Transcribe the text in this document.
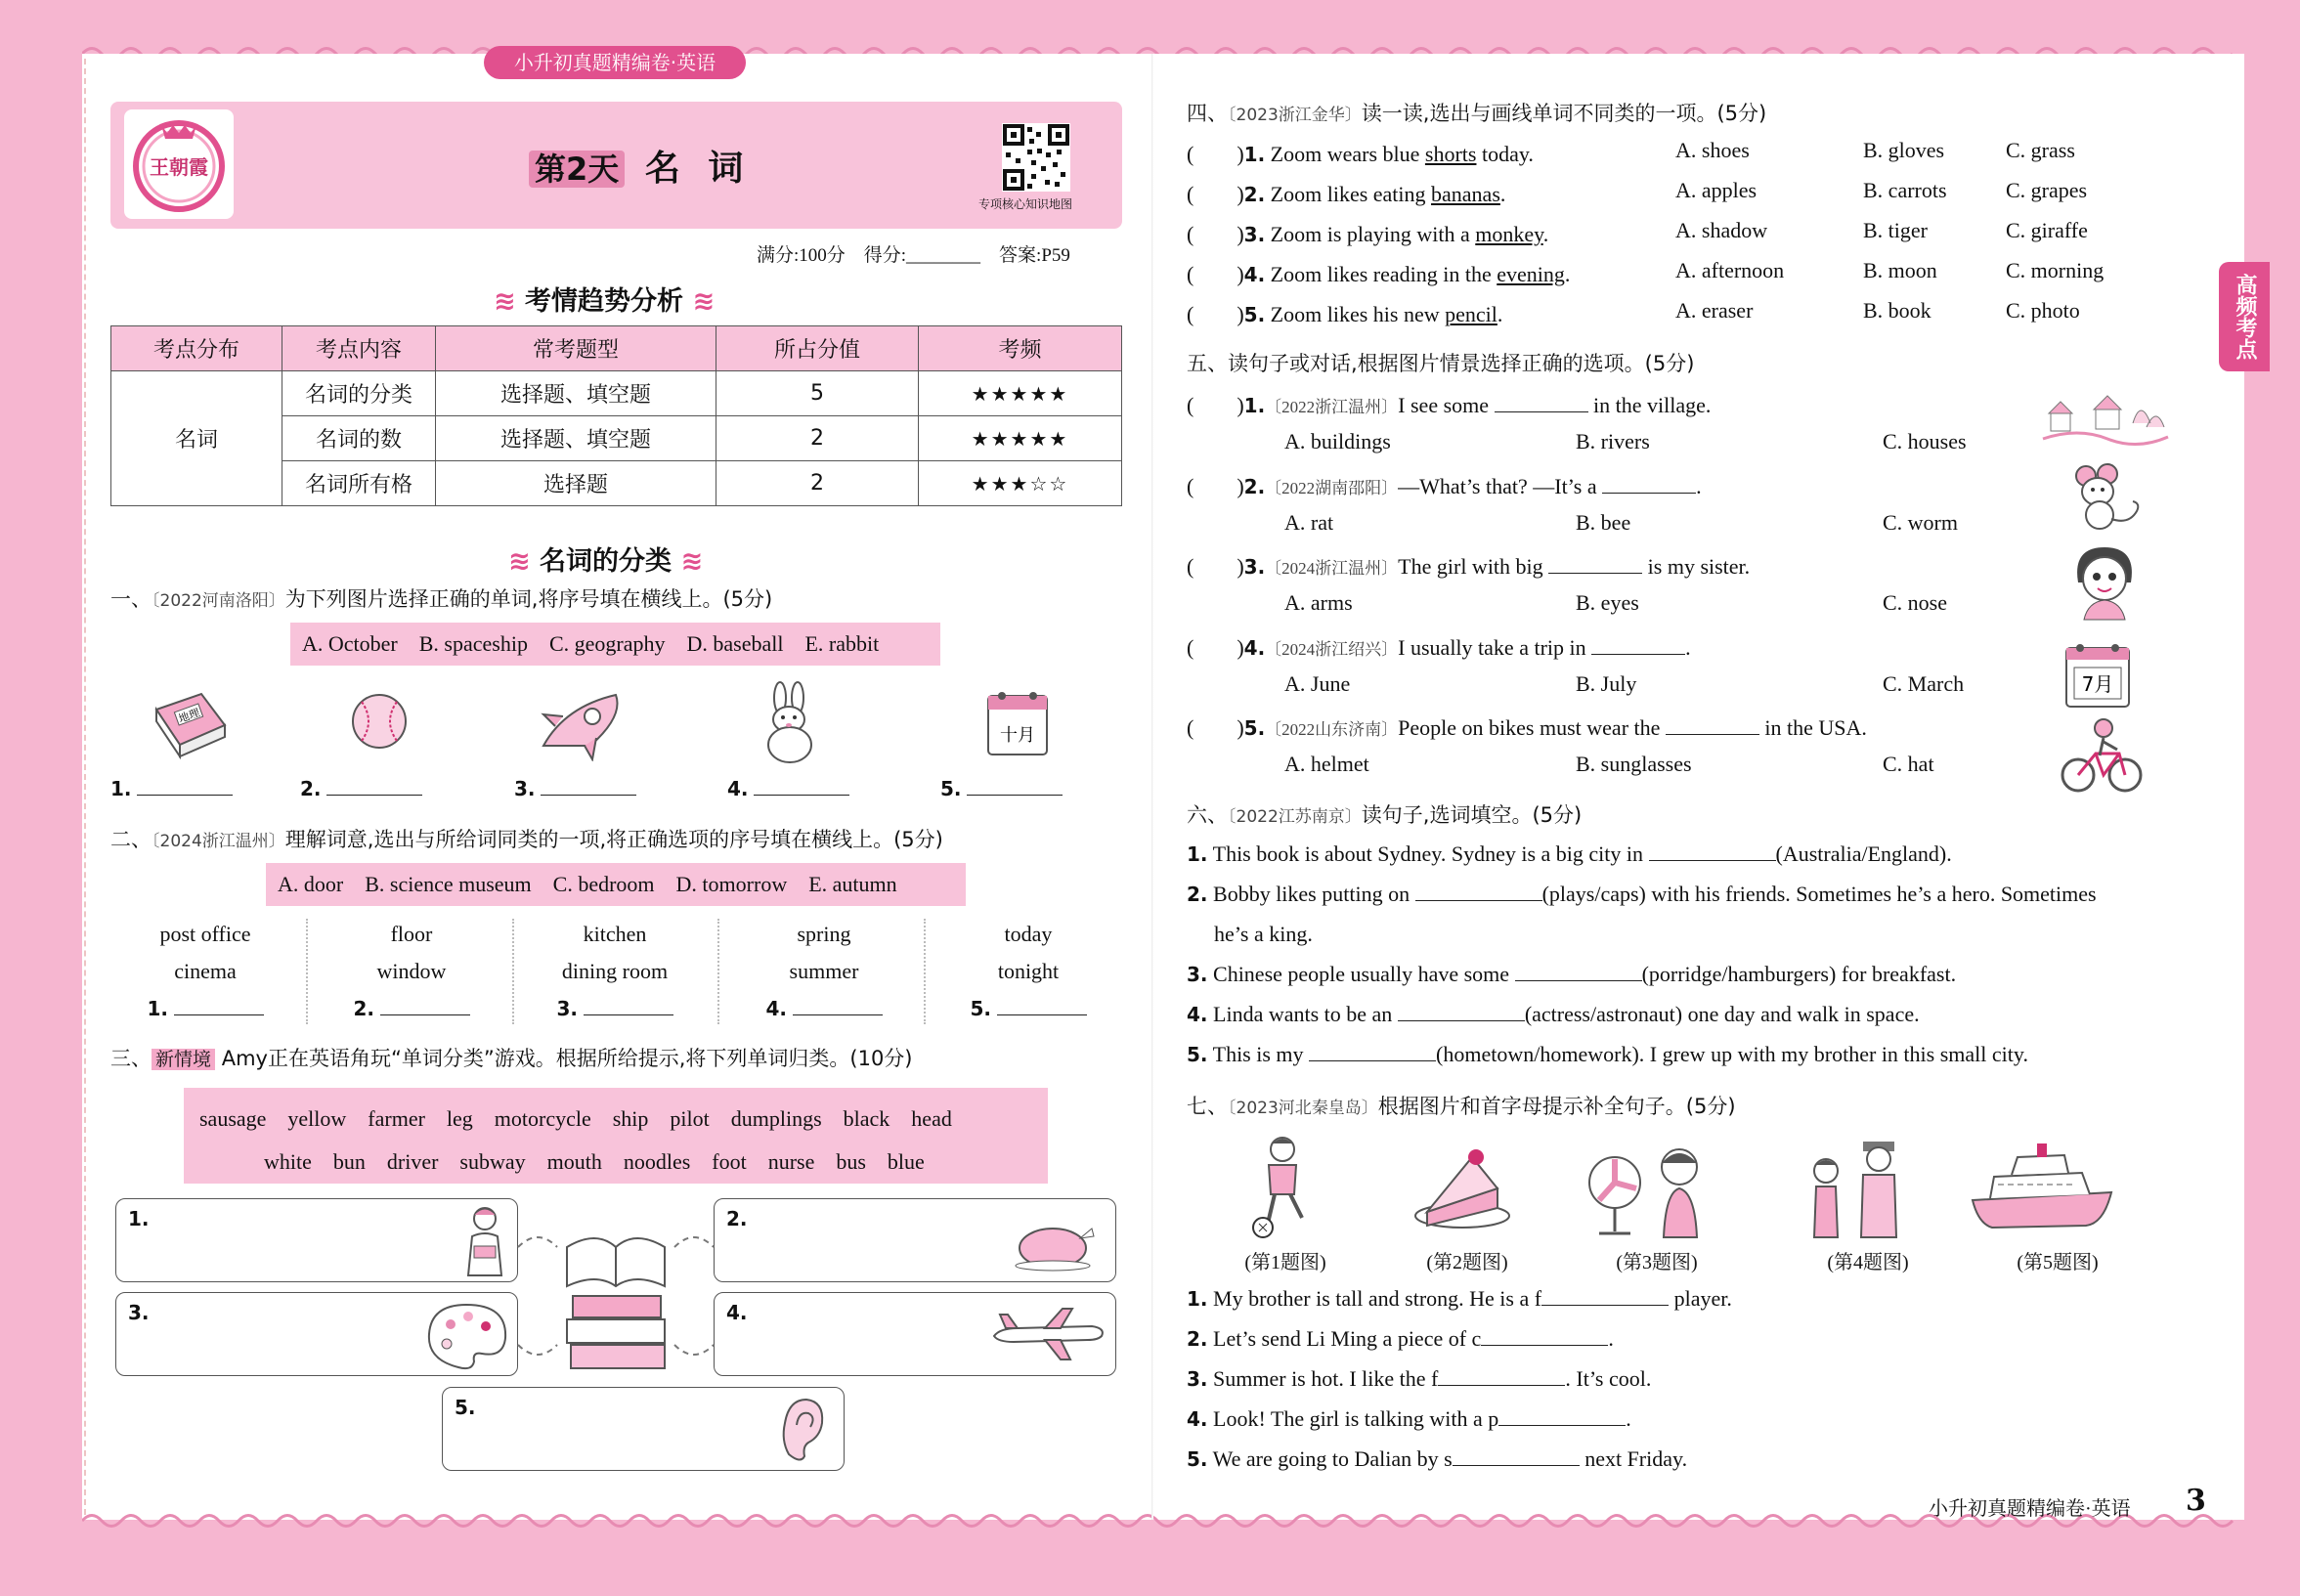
小升初真题精编卷·英语
王朝霞	第2天 名 词
专项核心知识地图
满分:100分　得分:________　答案:P59
≋ 考情趋势分析 ≋
考点分布	考点内容	常考题型	所占分值	考频
名词	名词的分类	选择题、填空题	5	★★★★★
	名词的数	选择题、填空题	2	★★★★★
	名词所有格	选择题	2	★★★☆☆
≋ 名词的分类 ≋
一、〔2022河南洛阳〕为下列图片选择正确的单词,将序号填在横线上。(5分)
A. October　B. spaceship　C. geography　D. baseball　E. rabbit
地理
十月
1.	2.	3.	4.	5.
二、〔2024浙江温州〕理解词意,选出与所给词同类的一项,将正确选项的序号填在横线上。(5分)
A. door　B. science museum　C. bedroom　D. tomorrow　E. autumn
post office
cinema
1.
floor
window
2.
kitchen
dining room
3.
spring
summer
4.
today
tonight
5.
三、 新情境 Amy正在英语角玩“单词分类”游戏。根据所给提示,将下列单词归类。(10分)
sausage　yellow　farmer　leg　motorcycle　ship　pilot　dumplings　black　head
white　bun　driver　subway　mouth　noodles　foot　nurse　bus　blue
1.	2.
3.	4.
5.
四、〔2023浙江金华〕读一读,选出与画线单词不同类的一项。(5分)
(　　)1. Zoom wears blue shorts today.	A. shoes	B. gloves	C. grass
(　　)2. Zoom likes eating bananas.	A. apples	B. carrots	C. grapes
(　　)3. Zoom is playing with a monkey.	A. shadow	B. tiger	C. giraffe
(　　)4. Zoom likes reading in the evening.	A. afternoon	B. moon	C. morning
(　　)5. Zoom likes his new pencil.	A. eraser	B. book	C. photo
五、读句子或对话,根据图片情景选择正确的选项。(5分)
(　　)1.〔2022浙江温州〕I see some	in the village.
A. buildings	B. rivers	C. houses
(　　)2.〔2022湖南邵阳〕—What’s that? —It’s a	.
A. rat	B. bee	C. worm
(　　)3.〔2024浙江温州〕The girl with big	is my sister.
A. arms	B. eyes	C. nose
(　　)4.〔2024浙江绍兴〕I usually take a trip in	.
A. June	B. July	C. March
(　　)5.〔2022山东济南〕People on bikes must wear the	in the USA.
A. helmet	B. sunglasses	C. hat
7月
六、〔2022江苏南京〕读句子,选词填空。(5分)
1. This book is about Sydney. Sydney is a big city in	(Australia/England).
2. Bobby likes putting on	(plays/caps) with his friends. Sometimes he’s a hero. Sometimes
he’s a king.
3. Chinese people usually have some	(porridge/hamburgers) for breakfast.
4. Linda wants to be an	(actress/astronaut) one day and walk in space.
5. This is my	(hometown/homework). I grew up with my brother in this small city.
七、〔2023河北秦皇岛〕根据图片和首字母提示补全句子。(5分)
(第1题图)	(第2题图)	(第3题图)	(第4题图)	(第5题图)
1. My brother is tall and strong. He is a f	player.
2. Let’s send Li Ming a piece of c	.
3. Summer is hot. I like the f	. It’s cool.
4. Look! The girl is talking with a p	.
5. We are going to Dalian by s	next Friday.
高频考点
小升初真题精编卷·英语 3
